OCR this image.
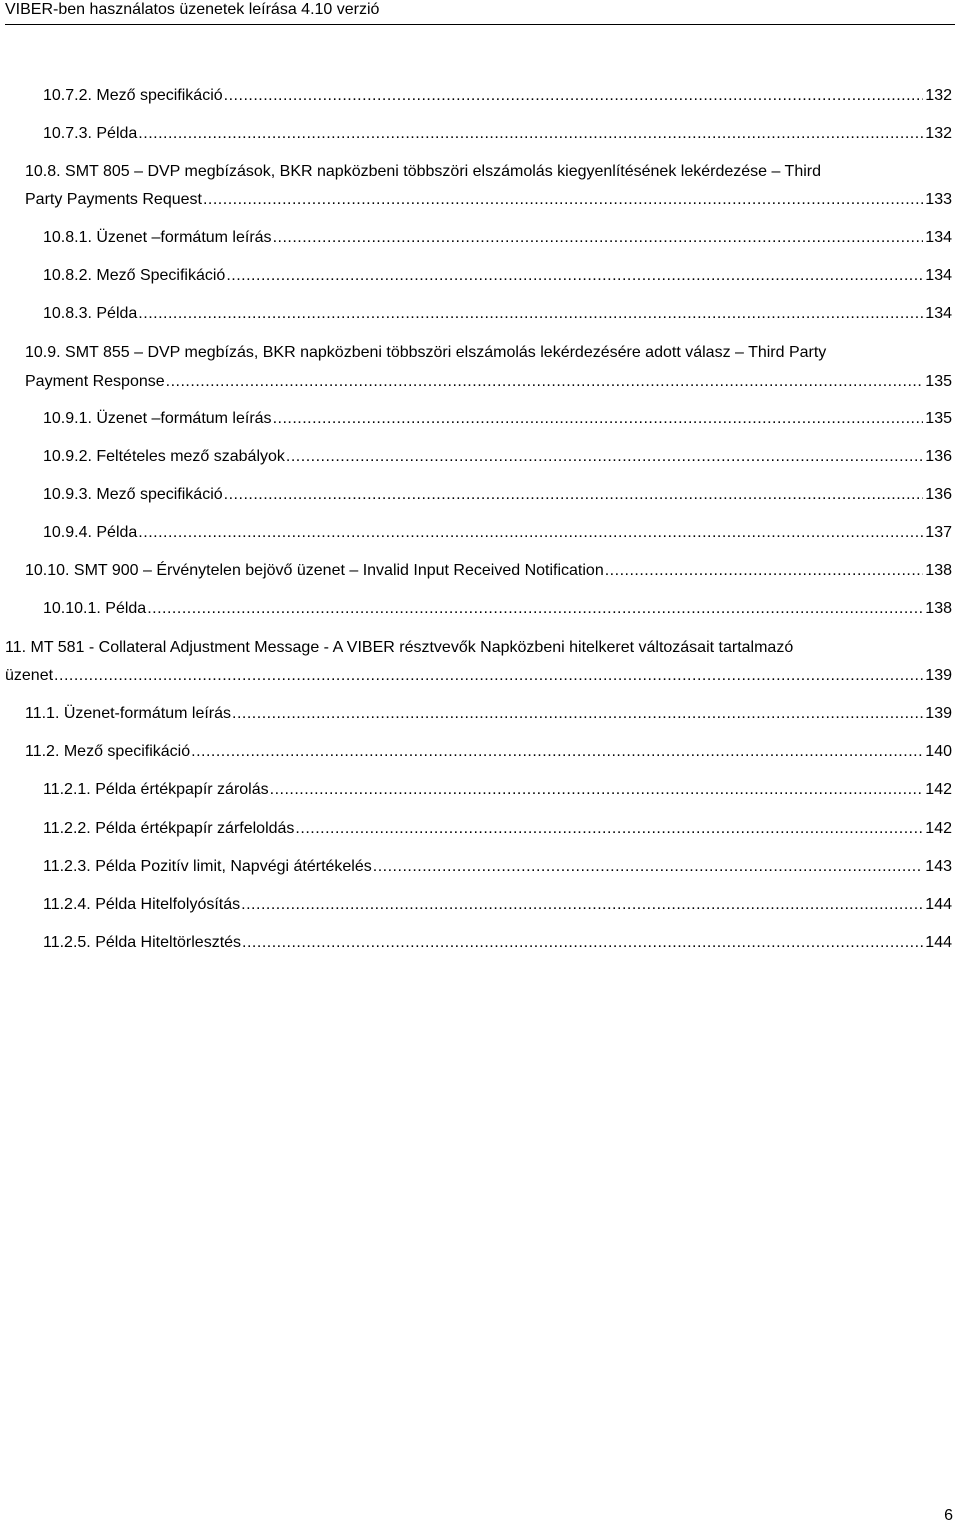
VIBER-ben használatos üzenetek leírása 4.10 verzió
10.7.2. Mező specifikáció .....	132
10.7.3. Példa .....	132
10.8. SMT 805 – DVP megbízások, BKR napközbeni többszöri elszámolás kiegyenlítésének lekérdezése – Third
Party Payments Request .....	133
10.8.1. Üzenet –formátum leírás .....	134
10.8.2. Mező Specifikáció .....	134
10.8.3. Példa .....	134
10.9. SMT 855 – DVP megbízás, BKR napközbeni többszöri elszámolás lekérdezésére adott válasz – Third Party
Payment Response .....	135
10.9.1. Üzenet –formátum leírás .....	135
10.9.2. Feltételes mező szabályok .....	136
10.9.3. Mező specifikáció .....	136
10.9.4. Példa .....	137
10.10. SMT 900 – Érvénytelen bejövő üzenet – Invalid Input Received Notification .....	138
10.10.1. Példa .....	138
11. MT 581 - Collateral Adjustment Message - A VIBER résztvevők Napközbeni hitelkeret változásait tartalmazó
üzenet .....	139
11.1. Üzenet-formátum leírás .....	139
11.2. Mező specifikáció .....	140
11.2.1. Példa értékpapír zárolás .....	142
11.2.2. Példa értékpapír zárfeloldás .....	142
11.2.3. Példa Pozitív limit, Napvégi átértékelés .....	143
11.2.4. Példa Hitelfolyósítás .....	144
11.2.5. Példa Hiteltörlesztés .....	144
6
